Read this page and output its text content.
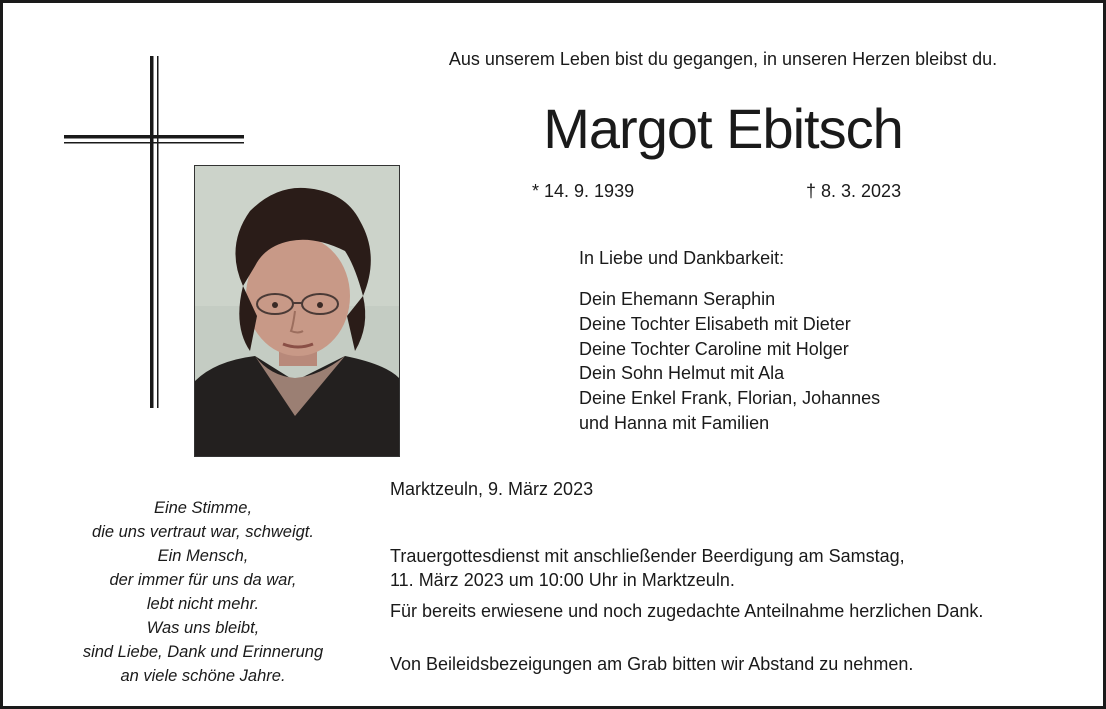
Eine Stimme,
die uns vertraut war, schweigt.
Ein Mensch,
der immer für uns da war,
lebt nicht mehr.
Was uns bleibt,
sind Liebe, Dank und Erinnerung
an viele schöne Jahre.
Aus unserem Leben bist du gegangen, in unseren Herzen bleibst du.
Margot Ebitsch
* 14. 9. 1939	† 8. 3. 2023
In Liebe und Dankbarkeit:
Dein Ehemann Seraphin
Deine Tochter Elisabeth mit Dieter
Deine Tochter Caroline mit Holger
Dein Sohn Helmut mit Ala
Deine Enkel Frank, Florian, Johannes
und Hanna mit Familien
Marktzeuln, 9. März 2023
Trauergottesdienst mit anschließender Beerdigung am Samstag,
11. März 2023 um 10:00 Uhr in Marktzeuln.
Für bereits erwiesene und noch zugedachte Anteilnahme herzlichen Dank.
Von Beileidsbezeigungen am Grab bitten wir Abstand zu nehmen.
